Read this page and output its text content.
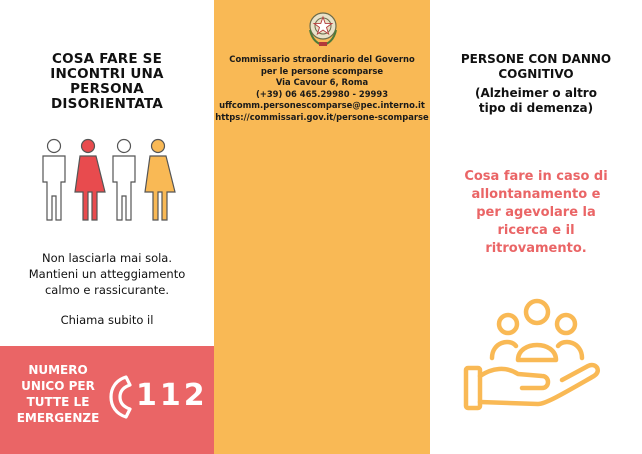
COSA FARE SE
INCONTRI UNA
PERSONA
DISORIENTATA
Non lasciarla mai sola.
Mantieni un atteggiamento
calmo e rassicurante.
Chiama subito il
NUMERO
UNICO PER
TUTTE LE
EMERGENZE
112
Commissario straordinario del Governo
per le persone scomparse
Via Cavour 6, Roma
(+39) 06 465.29980 - 29993
uffcomm.personescomparse@pec.interno.it
https://commissari.gov.it/persone-scomparse
PERSONE CON DANNO
COGNITIVO
(Alzheimer o altro
tipo di demenza)
Cosa fare in caso di
allontanamento e
per agevolare la
ricerca e il
ritrovamento.
